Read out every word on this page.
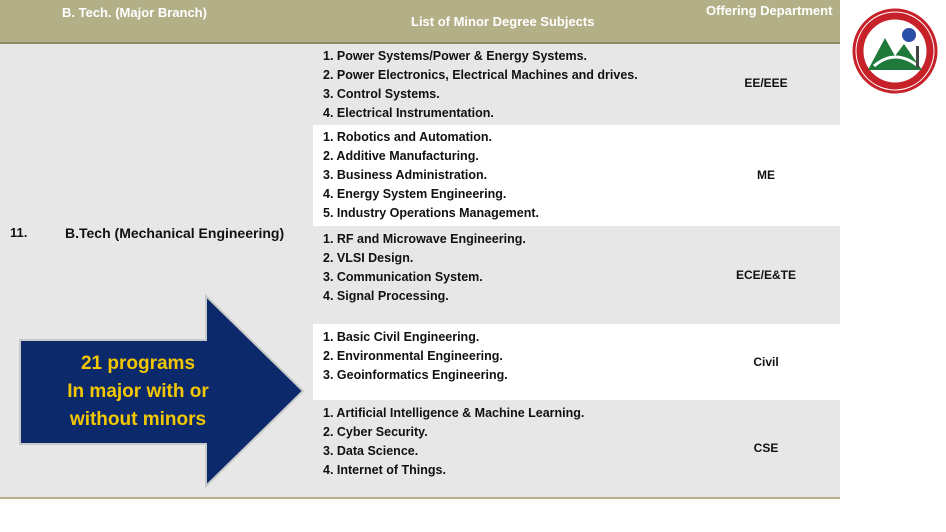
B. Tech. (Major Branch)
List of Minor Degree Subjects
Offering Department
11.	B.Tech (Mechanical Engineering)
1. Power Systems/Power & Energy Systems.
2. Power Electronics, Electrical Machines and drives.
3. Control Systems.
4. Electrical Instrumentation.
EE/EEE
1. Robotics and Automation.
2. Additive Manufacturing.
3. Business Administration.
4. Energy System Engineering.
5. Industry Operations Management.
ME
1. RF and Microwave Engineering.
2. VLSI Design.
3. Communication System.
4. Signal Processing.
ECE/E&TE
1. Basic Civil Engineering.
2. Environmental Engineering.
3. Geoinformatics Engineering.
Civil
1. Artificial Intelligence & Machine Learning.
2. Cyber Security.
3. Data Science.
4. Internet of Things.
CSE
21 programs
In major with or
without minors
